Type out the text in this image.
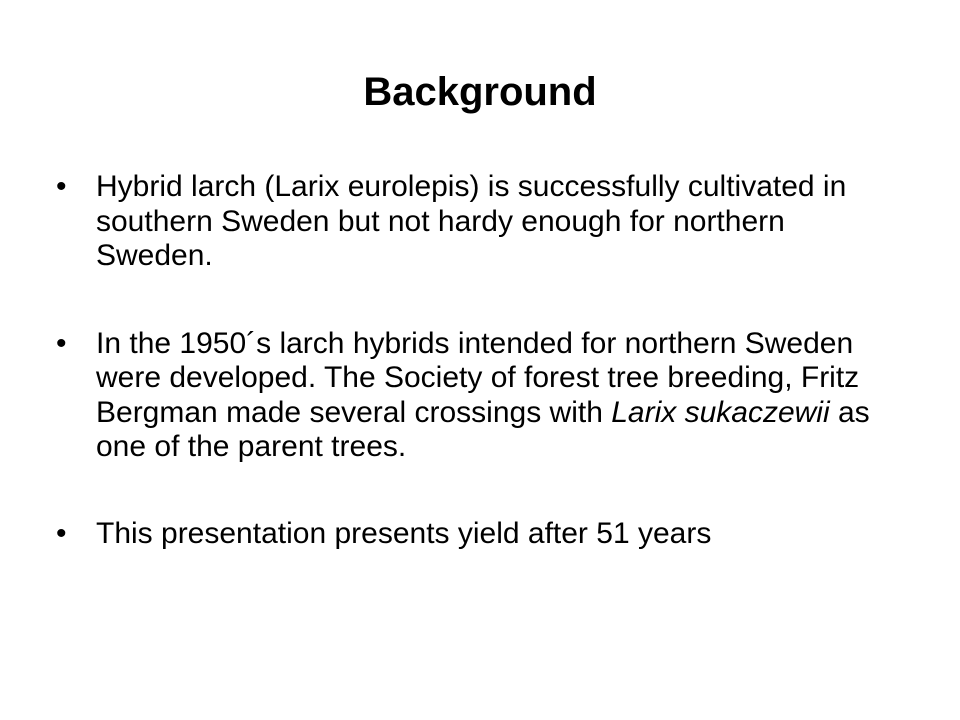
Background
• Hybrid larch (Larix eurolepis) is successfully cultivated in southern Sweden but not hardy enough for northern Sweden.
• In the 1950´s larch hybrids intended for northern Sweden were developed. The Society of forest tree breeding, Fritz Bergman made several crossings with Larix sukaczewii as one of the parent trees.
• This presentation presents yield after 51 years
